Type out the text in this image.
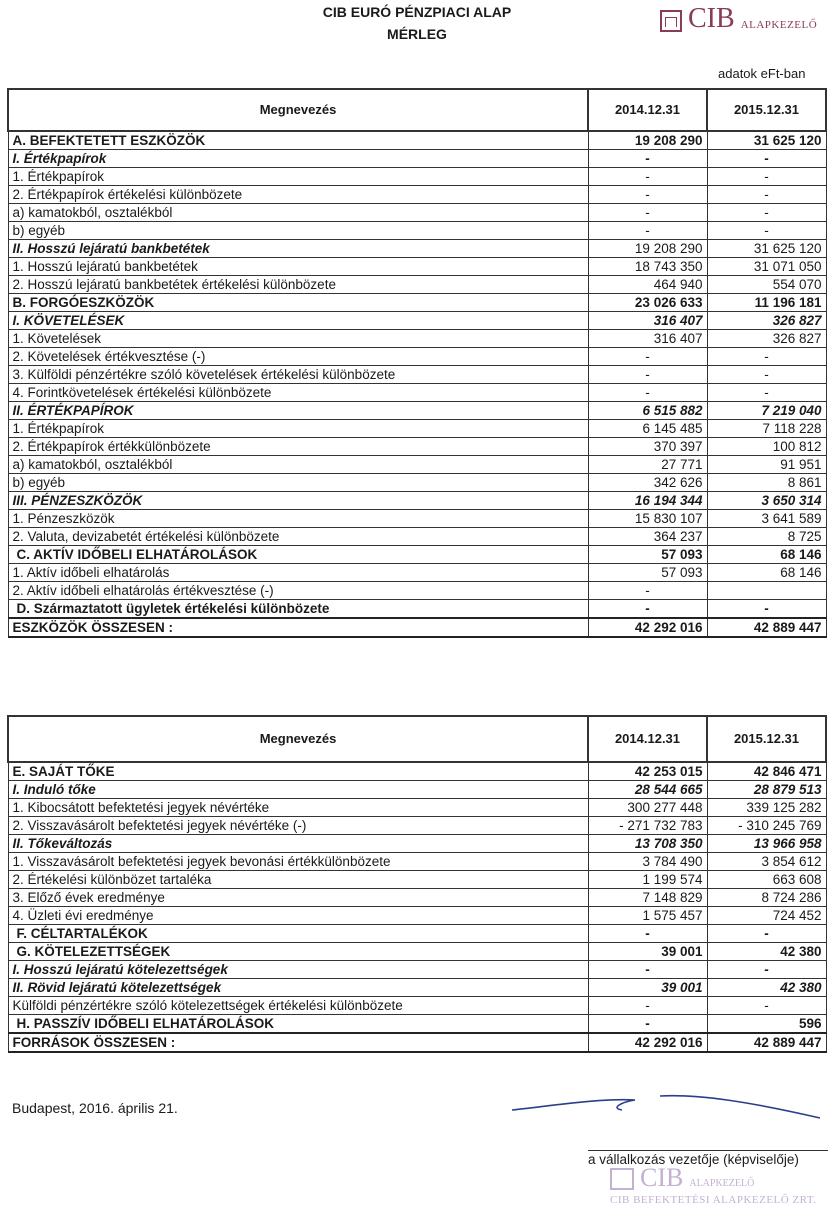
CIB EURÓ PÉNZPIACI ALAP
MÉRLEG	CIB ALAPKEZELŐ
adatok eFt-ban
Megnevezés	2014.12.31	2015.12.31
A. BEFEKTETETT ESZKÖZÖK	19 208 290	31 625 120
I. Értékpapírok	-	-
1. Értékpapírok	-	-
2. Értékpapírok értékelési különbözete	-	-
a) kamatokból, osztalékból	-	-
b) egyéb	-	-
II. Hosszú lejáratú bankbetétek	19 208 290	31 625 120
1. Hosszú lejáratú bankbetétek	18 743 350	31 071 050
2. Hosszú lejáratú bankbetétek értékelési különbözete	464 940	554 070
B. FORGÓESZKÖZÖK	23 026 633	11 196 181
I. KÖVETELÉSEK	316 407	326 827
1. Követelések	316 407	326 827
2. Követelések értékvesztése (-)	-	-
3. Külföldi pénzértékre szóló követelések értékelési különbözete	-	-
4. Forintkövetelések értékelési különbözete	-	-
II. ÉRTÉKPAPÍROK	6 515 882	7 219 040
1. Értékpapírok	6 145 485	7 118 228
2. Értékpapírok értékkülönbözete	370 397	100 812
a) kamatokból, osztalékból	27 771	91 951
b) egyéb	342 626	8 861
III. PÉNZESZKÖZÖK	16 194 344	3 650 314
1. Pénzeszközök	15 830 107	3 641 589
2. Valuta, devizabetét értékelési különbözete	364 237	8 725
C. AKTÍV IDŐBELI ELHATÁROLÁSOK	57 093	68 146
1. Aktív időbeli elhatárolás	57 093	68 146
2. Aktív időbeli elhatárolás értékvesztése (-)	-	
D. Származtatott ügyletek értékelési különbözete	-	-
ESZKÖZÖK ÖSSZESEN :	42 292 016	42 889 447
Megnevezés	2014.12.31	2015.12.31
E. SAJÁT TŐKE	42 253 015	42 846 471
I. Induló tőke	28 544 665	28 879 513
1. Kibocsátott befektetési jegyek névértéke	300 277 448	339 125 282
2. Visszavásárolt befektetési jegyek névértéke (-)	- 271 732 783	- 310 245 769
II. Tőkeváltozás	13 708 350	13 966 958
1. Visszavásárolt befektetési jegyek bevonási értékkülönbözete	3 784 490	3 854 612
2. Értékelési különbözet tartaléka	1 199 574	663 608
3. Előző évek eredménye	7 148 829	8 724 286
4. Üzleti évi eredménye	1 575 457	724 452
F. CÉLTARTALÉKOK	-	-
G. KÖTELEZETTSÉGEK	39 001	42 380
I. Hosszú lejáratú kötelezettségek	-	-
II. Rövid lejáratú kötelezettségek	39 001	42 380
Külföldi pénzértékre szóló kötelezettségek értékelési különbözete	-	-
H. PASSZÍV IDŐBELI ELHATÁROLÁSOK	-	596
FORRÁSOK ÖSSZESEN :	42 292 016	42 889 447
Budapest, 2016. április 21.
a vállalkozás vezetője (képviselője)
CIB ALAPKEZELŐ
CIB BEFEKTETÉSI ALAPKEZELŐ ZRT.
